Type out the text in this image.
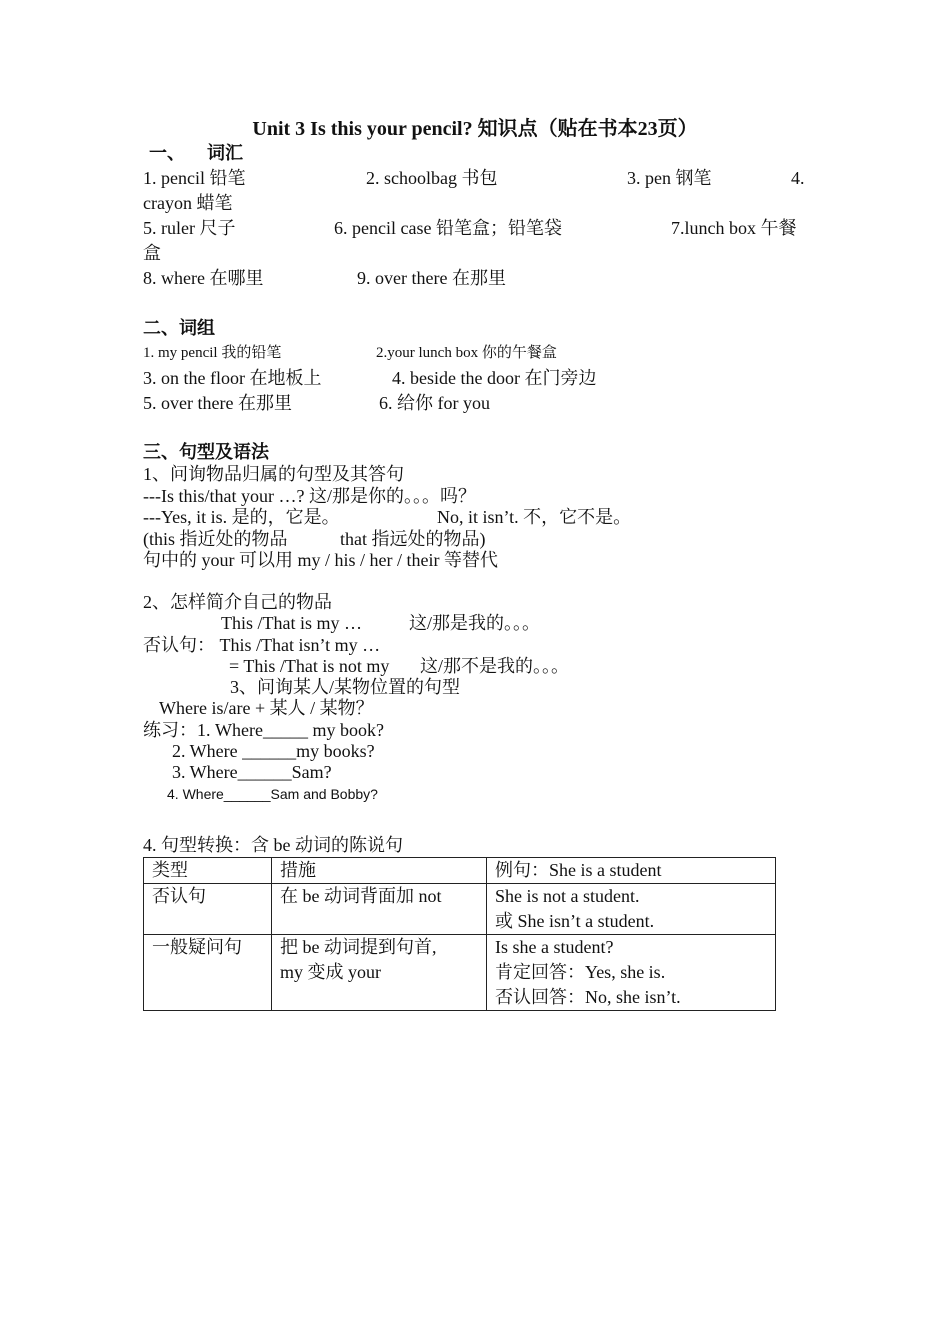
Unit 3 Is this your pencil? 知识点（贴在书本23页）
一、 词汇
1. pencil 铅笔	2. schoolbag 书包	3. pen 钢笔	4.
crayon 蜡笔
5. ruler 尺子	6. pencil case 铅笔盒；铅笔袋	7.lunch box 午餐
盒
8. where 在哪里	9. over there 在那里
二、词组
1. my pencil 我的铅笔	2.your lunch box 你的午餐盒
3. on the floor 在地板上	4. beside the door 在门旁边
5. over there 在那里	6. 给你 for you
三、句型及语法
1、问询物品归属的句型及其答句
---Is this/that your …? 这/那是你的。。。吗？
---Yes, it is. 是的，它是。	No, it isn’t. 不，它不是。
(this 指近处的物品	that 指远处的物品)
句中的 your 可以用 my / his / her / their 等替代
2、怎样简介自己的物品
This /That is my …	这/那是我的。。。
否认句： This /That isn’t my …
= This /That is not my 这/那不是我的。。。
3、问询某人/某物位置的句型
Where is/are + 某人 / 某物？
练习：1. Where_____ my book?
2. Where ______my books?
3. Where______Sam?
4. Where______Sam and Bobby?
4. 句型转换：含 be 动词的陈说句
类型	措施	例句：She is a student

否认句	在 be 动词背面加 not	She is not a student.
或 She isn’t a student.

一般疑问句	把 be 动词提到句首,
my 变成 your	Is she a student?
肯定回答：Yes, she is.
否认回答：No, she isn’t.
